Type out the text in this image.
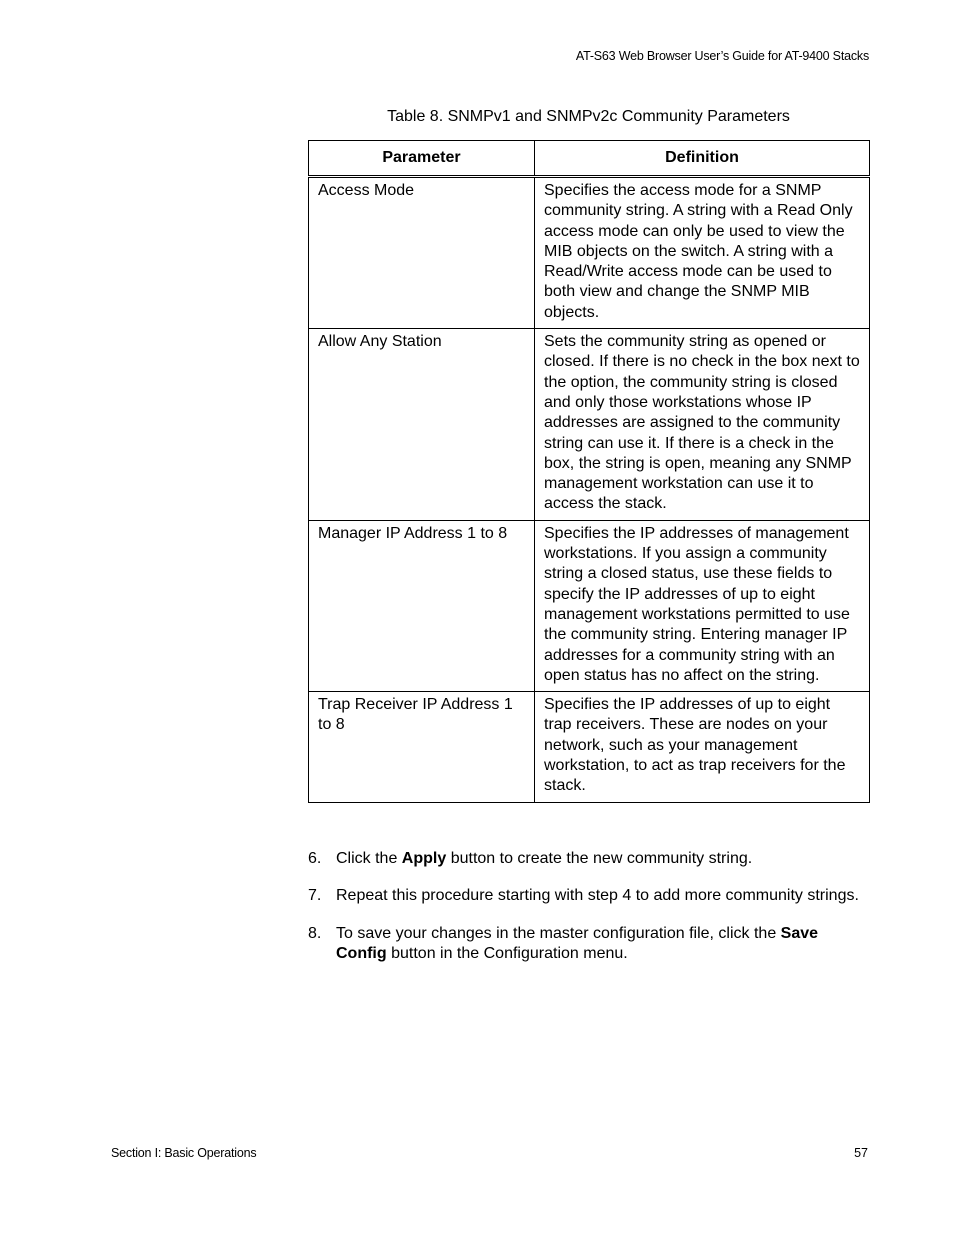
AT-S63 Web Browser User’s Guide for AT-9400 Stacks
Table 8. SNMPv1 and SNMPv2c Community Parameters
Parameter	Definition
Access Mode	Specifies the access mode for a SNMP community string. A string with a Read Only access mode can only be used to view the MIB objects on the switch. A string with a Read/Write access mode can be used to both view and change the SNMP MIB objects.
Allow Any Station	Sets the community string as opened or closed. If there is no check in the box next to the option, the community string is closed and only those workstations whose IP addresses are assigned to the community string can use it. If there is a check in the box, the string is open, meaning any SNMP management workstation can use it to access the stack.
Manager IP Address 1 to 8	Specifies the IP addresses of management workstations. If you assign a community string a closed status, use these fields to specify the IP addresses of up to eight management workstations permitted to use the community string. Entering manager IP addresses for a community string with an open status has no affect on the string.
Trap Receiver IP Address 1 to 8	Specifies the IP addresses of up to eight trap receivers. These are nodes on your network, such as your management workstation, to act as trap receivers for the stack.
6. Click the Apply button to create the new community string.
7. Repeat this procedure starting with step 4 to add more community strings.
8. To save your changes in the master configuration file, click the Save Config button in the Configuration menu.
Section I: Basic Operations	57
